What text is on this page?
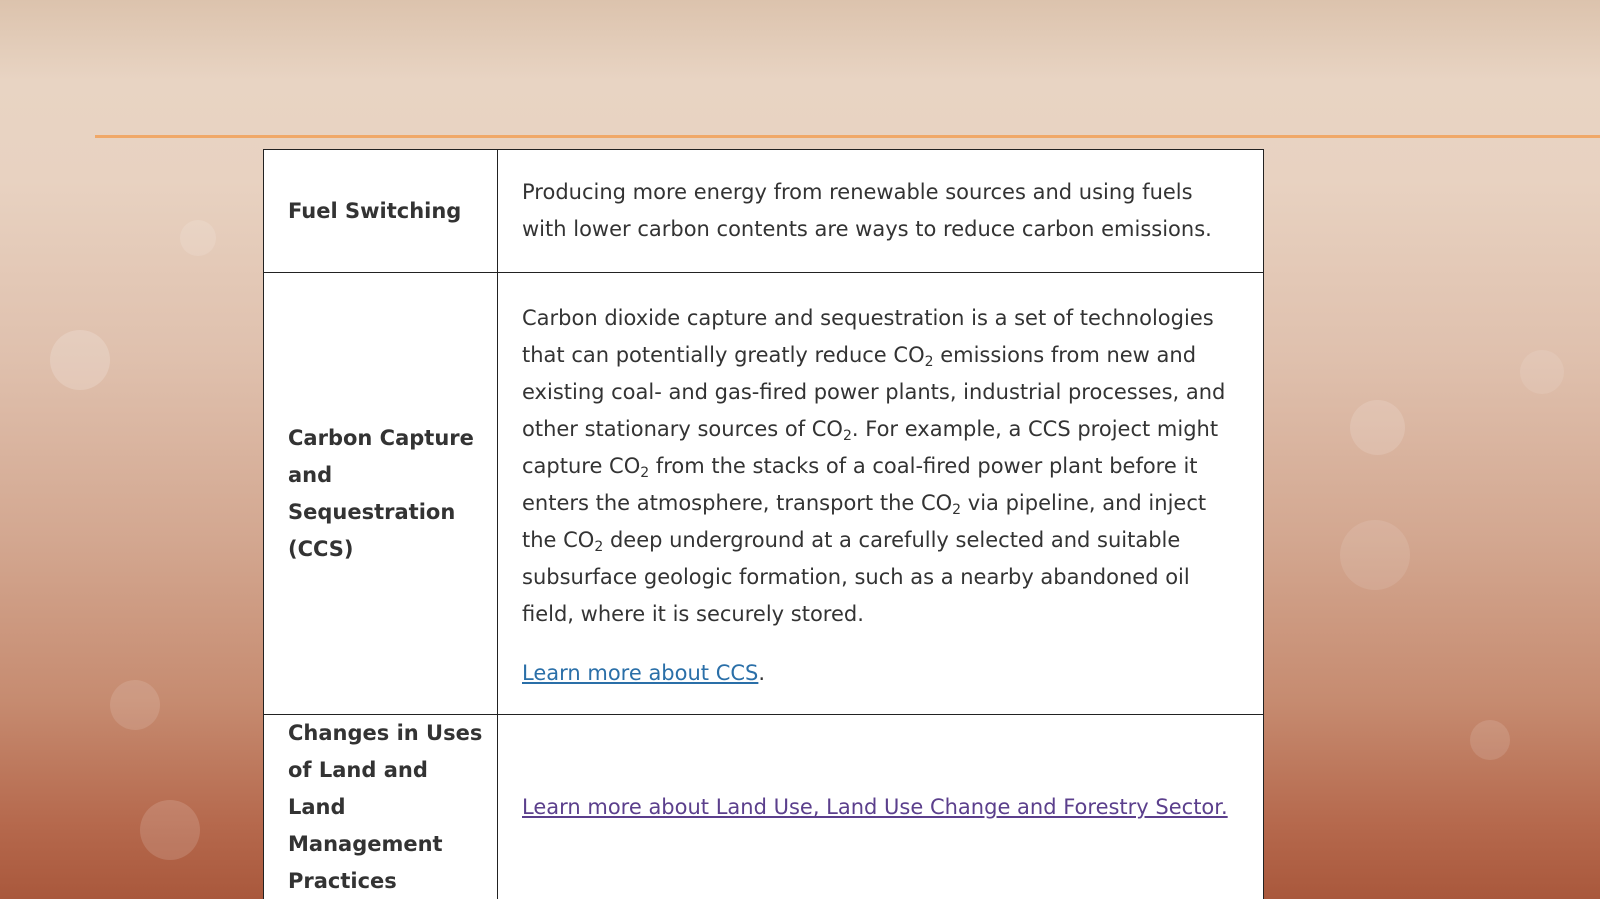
Fuel Switching	Producing more energy from renewable sources and using fuels with lower carbon contents are ways to reduce carbon emissions.

Carbon Capture and Sequestration (CCS)	Carbon dioxide capture and sequestration is a set of technologies that can potentially greatly reduce $CO_2$ emissions from new and existing coal- and gas-fired power plants, industrial processes, and other stationary sources of $CO_2$. For example, a CCS project might capture $CO_2$ from the stacks of a coal-fired power plant before it enters the atmosphere, transport the $CO_2$ via pipeline, and inject the $CO_2$ deep underground at a carefully selected and suitable subsurface geologic formation, such as a nearby abandoned oil field, where it is securely stored.

Learn more about CCS.

Changes in Uses of Land and Land Management Practices	Learn more about Land Use, Land Use Change and Forestry Sector.
